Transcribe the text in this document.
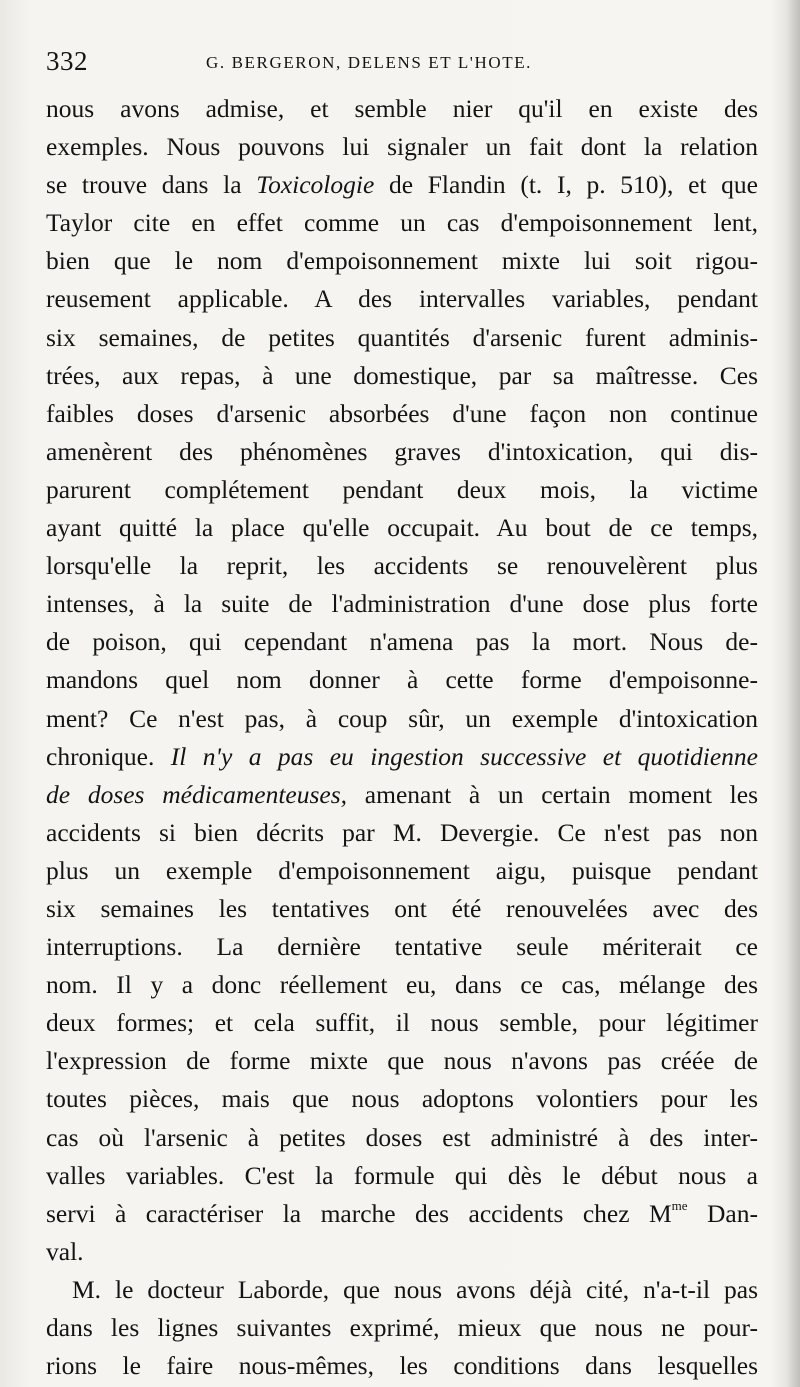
332	G. BERGERON, DELENS ET L'HOTE.
nous avons admise, et semble nier qu'il en existe des
exemples. Nous pouvons lui signaler un fait dont la relation
se trouve dans la Toxicologie de Flandin (t. I, p. 510), et que
Taylor cite en effet comme un cas d'empoisonnement lent,
bien que le nom d'empoisonnement mixte lui soit rigou-
reusement applicable. A des intervalles variables, pendant
six semaines, de petites quantités d'arsenic furent adminis-
trées, aux repas, à une domestique, par sa maîtresse. Ces
faibles doses d'arsenic absorbées d'une façon non continue
amenèrent des phénomènes graves d'intoxication, qui dis-
parurent complétement pendant deux mois, la victime
ayant quitté la place qu'elle occupait. Au bout de ce temps,
lorsqu'elle la reprit, les accidents se renouvelèrent plus
intenses, à la suite de l'administration d'une dose plus forte
de poison, qui cependant n'amena pas la mort. Nous de-
mandons quel nom donner à cette forme d'empoisonne-
ment? Ce n'est pas, à coup sûr, un exemple d'intoxication
chronique. Il n'y a pas eu ingestion successive et quotidienne
de doses médicamenteuses, amenant à un certain moment les
accidents si bien décrits par M. Devergie. Ce n'est pas non
plus un exemple d'empoisonnement aigu, puisque pendant
six semaines les tentatives ont été renouvelées avec des
interruptions. La dernière tentative seule mériterait ce
nom. Il y a donc réellement eu, dans ce cas, mélange des
deux formes; et cela suffit, il nous semble, pour légitimer
l'expression de forme mixte que nous n'avons pas créée de
toutes pièces, mais que nous adoptons volontiers pour les
cas où l'arsenic à petites doses est administré à des inter-
valles variables. C'est la formule qui dès le début nous a
servi à caractériser la marche des accidents chez $M^{me}$ Dan-
val.
M. le docteur Laborde, que nous avons déjà cité, n'a-t-il pas
dans les lignes suivantes exprimé, mieux que nous ne pour-
rions le faire nous-mêmes, les conditions dans lesquelles
